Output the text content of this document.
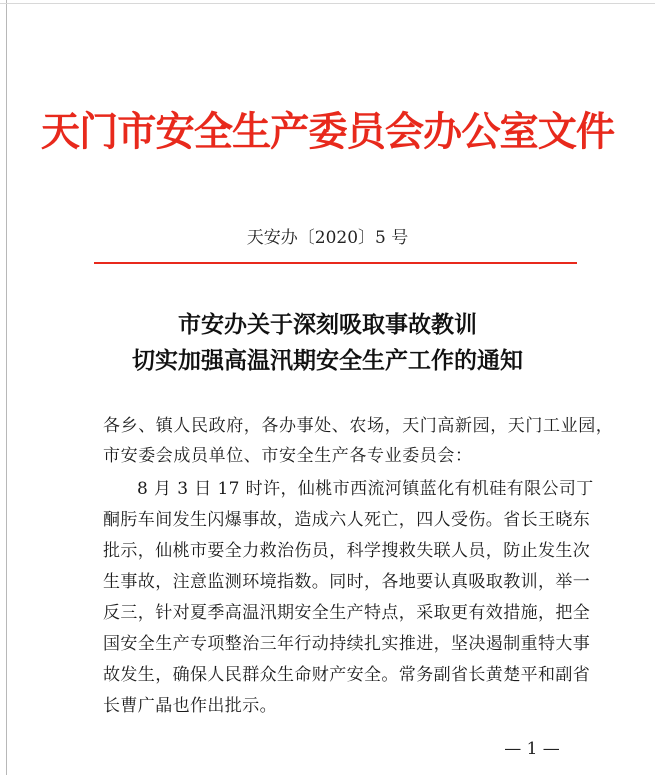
天门市安全生产委员会办公室文件
天安办〔2020〕5 号
市安办关于深刻吸取事故教训
切实加强高温汛期安全生产工作的通知
各乡、镇人民政府，各办事处、农场，天门高新园，天门工业园，
市安委会成员单位、市安全生产各专业委员会：
8 月 3 日 17 时许，仙桃市西流河镇蓝化有机硅有限公司丁
酮肟车间发生闪爆事故，造成六人死亡，四人受伤。省长王晓东
批示，仙桃市要全力救治伤员，科学搜救失联人员，防止发生次
生事故，注意监测环境指数。同时，各地要认真吸取教训，举一
反三，针对夏季高温汛期安全生产特点，采取更有效措施，把全
国安全生产专项整治三年行动持续扎实推进，坚决遏制重特大事
故发生，确保人民群众生命财产安全。常务副省长黄楚平和副省
长曹广晶也作出批示。
— 1 —
